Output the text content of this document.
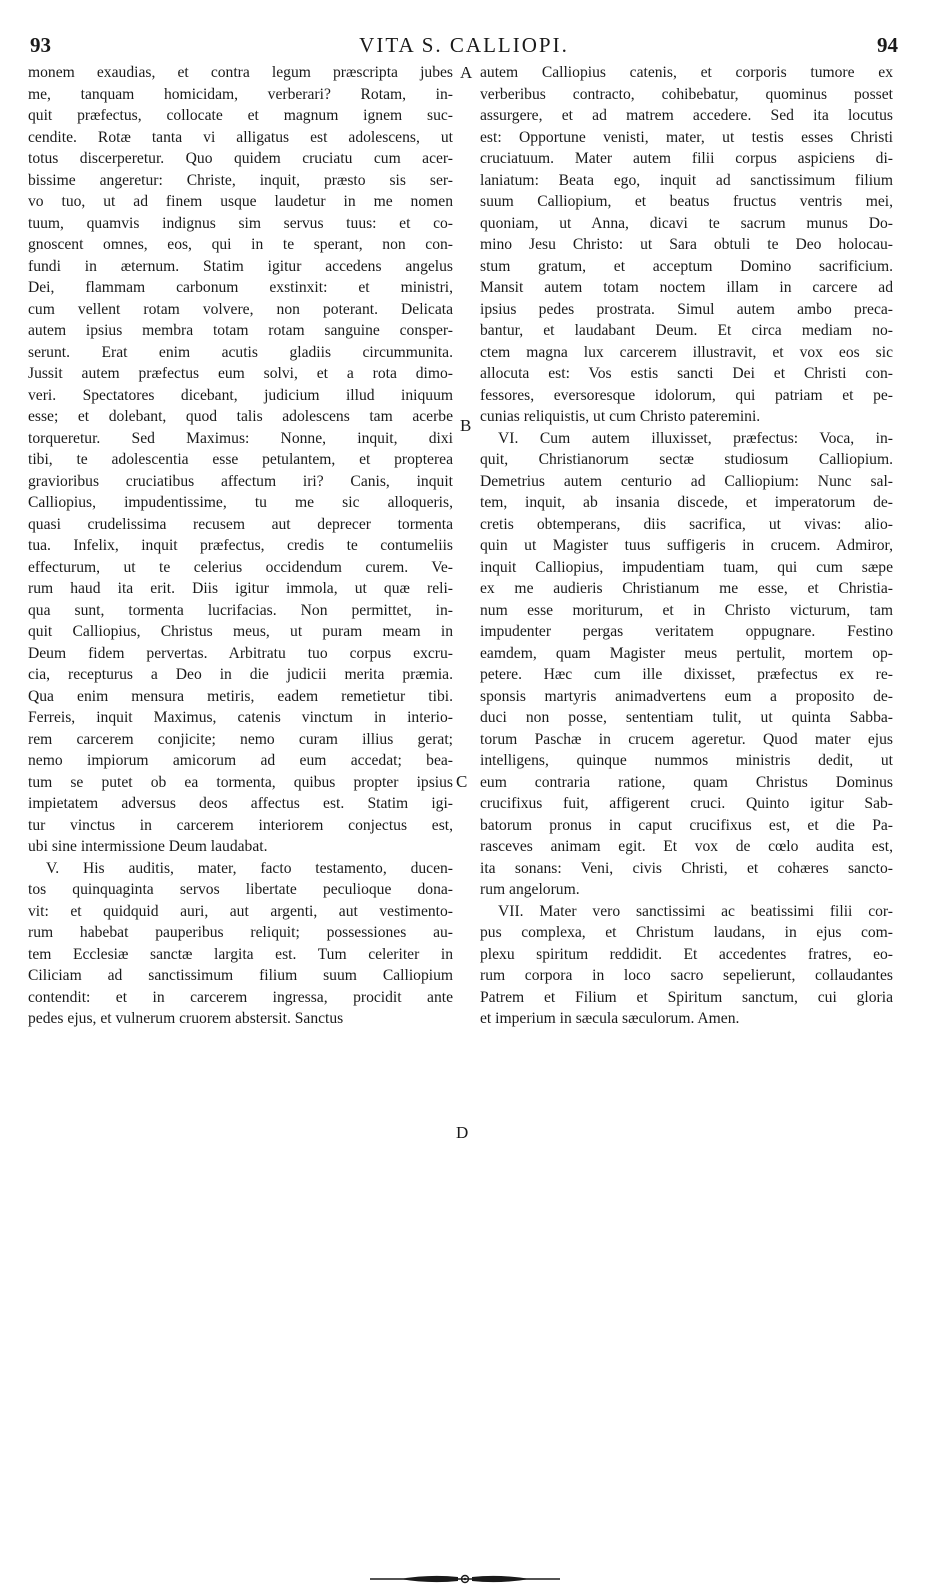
93	VITA S. CALLIOPI.	94
monem exaudias, et contra legum præscripta jubes
me, tanquam homicidam, verberari? Rotam, in-
quit præfectus, collocate et magnum ignem suc-
cendite. Rotæ tanta vi alligatus est adolescens, ut
totus discerperetur. Quo quidem cruciatu cum acer-
bissime angeretur: Christe, inquit, præsto sis ser-
vo tuo, ut ad finem usque laudetur in me nomen
tuum, quamvis indignus sim servus tuus: et co-
gnoscent omnes, eos, qui in te sperant, non con-
fundi in æternum. Statim igitur accedens angelus
Dei, flammam carbonum exstinxit: et ministri,
cum vellent rotam volvere, non poterant. Delicata
autem ipsius membra totam rotam sanguine consper-
serunt. Erat enim acutis gladiis circummunita.
Jussit autem præfectus eum solvi, et a rota dimo-
veri. Spectatores dicebant, judicium illud iniquum
esse; et dolebant, quod talis adolescens tam acerbe
torqueretur. Sed Maximus: Nonne, inquit, dixi
tibi, te adolescentia esse petulantem, et propterea
gravioribus cruciatibus affectum iri? Canis, inquit
Calliopius, impudentissime, tu me sic alloqueris,
quasi crudelissima recusem aut deprecer tormenta
tua. Infelix, inquit præfectus, credis te contumeliis
effecturum, ut te celerius occidendum curem. Ve-
rum haud ita erit. Diis igitur immola, ut quæ reli-
qua sunt, tormenta lucrifacias. Non permittet, in-
quit Calliopius, Christus meus, ut puram meam in
Deum fidem pervertas. Arbitratu tuo corpus excru-
cia, recepturus a Deo in die judicii merita præmia.
Qua enim mensura metiris, eadem remetietur tibi.
Ferreis, inquit Maximus, catenis vinctum in interio-
rem carcerem conjicite; nemo curam illius gerat;
nemo impiorum amicorum ad eum accedat; bea-
tum se putet ob ea tormenta, quibus propter ipsius
impietatem adversus deos affectus est. Statim igi-
tur vinctus in carcerem interiorem conjectus est,
ubi sine intermissione Deum laudabat.
V. His auditis, mater, facto testamento, ducen-
tos quinquaginta servos libertate peculioque dona-
vit: et quidquid auri, aut argenti, aut vestimento-
rum habebat pauperibus reliquit; possessiones au-
tem Ecclesiæ sanctæ largita est. Tum celeriter in
Ciliciam ad sanctissimum filium suum Calliopium
contendit: et in carcerem ingressa, procidit ante
pedes ejus, et vulnerum cruorem abstersit. Sanctus
autem Calliopius catenis, et corporis tumore ex
verberibus contracto, cohibebatur, quominus posset
assurgere, et ad matrem accedere. Sed ita locutus
est: Opportune venisti, mater, ut testis esses Christi
cruciatuum. Mater autem filii corpus aspiciens di-
laniatum: Beata ego, inquit ad sanctissimum filium
suum Calliopium, et beatus fructus ventris mei,
quoniam, ut Anna, dicavi te sacrum munus Do-
mino Jesu Christo: ut Sara obtuli te Deo holocau-
stum gratum, et acceptum Domino sacrificium.
Mansit autem totam noctem illam in carcere ad
ipsius pedes prostrata. Simul autem ambo preca-
bantur, et laudabant Deum. Et circa mediam no-
ctem magna lux carcerem illustravit, et vox eos sic
allocuta est: Vos estis sancti Dei et Christi con-
fessores, eversoresque idolorum, qui patriam et pe-
cunias reliquistis, ut cum Christo pateremini.
VI. Cum autem illuxisset, præfectus: Voca, in-
quit, Christianorum sectæ studiosum Calliopium.
Demetrius autem centurio ad Calliopium: Nunc sal-
tem, inquit, ab insania discede, et imperatorum de-
cretis obtemperans, diis sacrifica, ut vivas: alio-
quin ut Magister tuus suffigeris in crucem. Admiror,
inquit Calliopius, impudentiam tuam, qui cum sæpe
ex me audieris Christianum me esse, et Christia-
num esse moriturum, et in Christo victurum, tam
impudenter pergas veritatem oppugnare. Festino
eamdem, quam Magister meus pertulit, mortem op-
petere. Hæc cum ille dixisset, præfectus ex re-
sponsis martyris animadvertens eum a proposito de-
duci non posse, sententiam tulit, ut quinta Sabba-
torum Paschæ in crucem ageretur. Quod mater ejus
intelligens, quinque nummos ministris dedit, ut
eum contraria ratione, quam Christus Dominus
crucifixus fuit, affigerent cruci. Quinto igitur Sab-
batorum pronus in caput crucifixus est, et die Pa-
rasceves animam egit. Et vox de cœlo audita est,
ita sonans: Veni, civis Christi, et cohæres sancto-
rum angelorum.
VII. Mater vero sanctissimi ac beatissimi filii cor-
pus complexa, et Christum laudans, in ejus com-
plexu spiritum reddidit. Et accedentes fratres, eo-
rum corpora in loco sacro sepelierunt, collaudantes
Patrem et Filium et Spiritum sanctum, cui gloria
et imperium in sæcula sæculorum. Amen.
A
B
C
D
